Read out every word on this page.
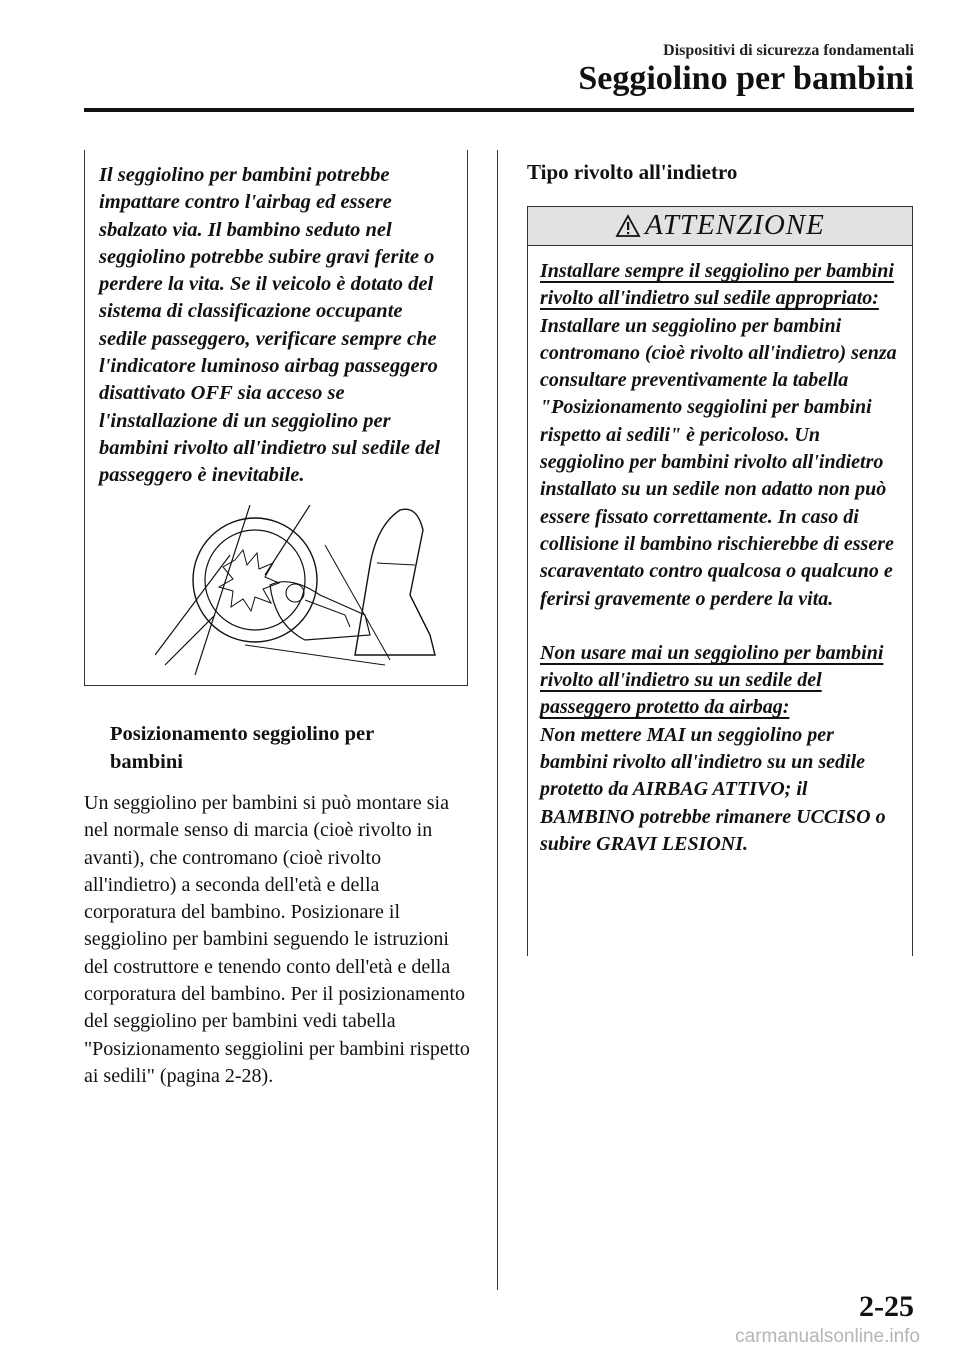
Dispositivi di sicurezza fondamentali
Seggiolino per bambini
Il seggiolino per bambini potrebbe impattare contro l'airbag ed essere sbalzato via. Il bambino seduto nel seggiolino potrebbe subire gravi ferite o perdere la vita. Se il veicolo è dotato del sistema di classificazione occupante sedile passeggero, verificare sempre che l'indicatore luminoso airbag passeggero disattivato OFF sia acceso se l'installazione di un seggiolino per bambini rivolto all'indietro sul sedile del passeggero è inevitabile.
Posizionamento seggiolino per bambini
Un seggiolino per bambini si può montare sia nel normale senso di marcia (cioè rivolto in avanti), che contromano (cioè rivolto all'indietro) a seconda dell'età e della corporatura del bambino. Posizionare il seggiolino per bambini seguendo le istruzioni del costruttore e tenendo conto dell'età e della corporatura del bambino. Per il posizionamento del seggiolino per bambini vedi tabella "Posizionamento seggiolini per bambini rispetto ai sedili" (pagina 2-28).
Tipo rivolto all'indietro
ATTENZIONE

Installare sempre il seggiolino per bambini rivolto all'indietro sul sedile appropriato:

Installare un seggiolino per bambini contromano (cioè rivolto all'indietro) senza consultare preventivamente la tabella "Posizionamento seggiolini per bambini rispetto ai sedili" è pericoloso. Un seggiolino per bambini rivolto all'indietro installato su un sedile non adatto non può essere fissato correttamente. In caso di collisione il bambino rischierebbe di essere scaraventato contro qualcosa o qualcuno e ferirsi gravemente o perdere la vita.

Non usare mai un seggiolino per bambini rivolto all'indietro su un sedile del passeggero protetto da airbag:

Non mettere MAI un seggiolino per bambini rivolto all'indietro su un sedile protetto da AIRBAG ATTIVO; il BAMBINO potrebbe rimanere UCCISO o subire GRAVI LESIONI.

2-25
carmanualsonline.info
